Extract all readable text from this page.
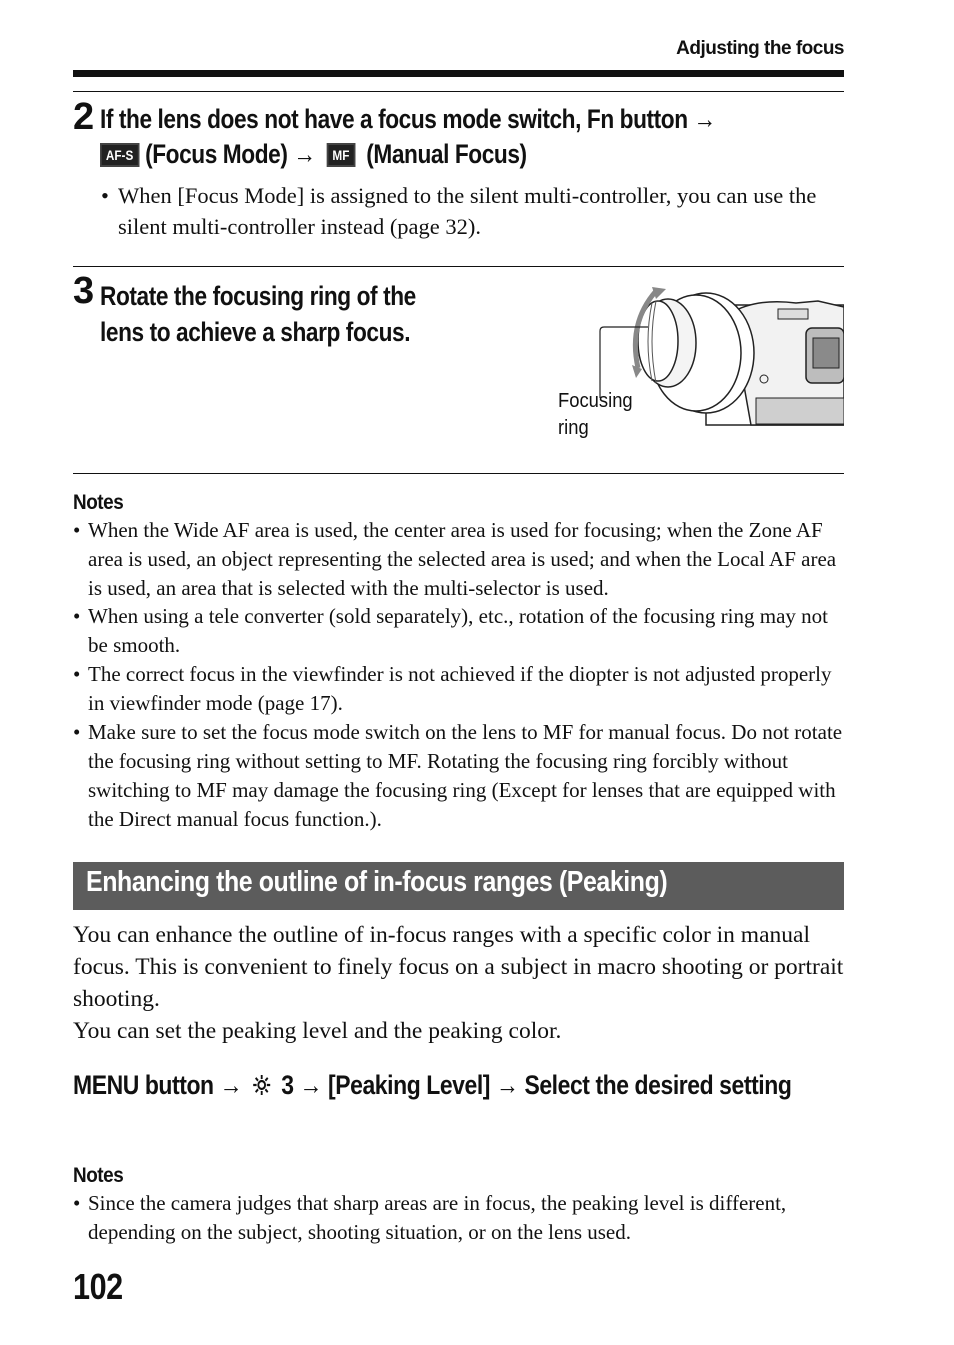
Adjusting the focus
2 If the lens does not have a focus mode switch, Fn button →
AF-S (Focus Mode) → MF (Manual Focus)
• When [Focus Mode] is assigned to the silent multi-controller, you can use the silent multi-controller instead (page 32).
3 Rotate the focusing ring of the lens to achieve a sharp focus.
Focusing
ring
Notes
• When the Wide AF area is used, the center area is used for focusing; when the Zone AF area is used, an object representing the selected area is used; and when the Local AF area is used, an area that is selected with the multi-selector is used.
• When using a tele converter (sold separately), etc., rotation of the focusing ring may not be smooth.
• The correct focus in the viewfinder is not achieved if the diopter is not adjusted properly in viewfinder mode (page 17).
• Make sure to set the focus mode switch on the lens to MF for manual focus. Do not rotate the focusing ring without setting to MF. Rotating the focusing ring forcibly without switching to MF may damage the focusing ring (Except for lenses that are equipped with the Direct manual focus function.).
Enhancing the outline of in-focus ranges (Peaking)
You can enhance the outline of in-focus ranges with a specific color in manual focus. This is convenient to finely focus on a subject in macro shooting or portrait shooting.
You can set the peaking level and the peaking color.
MENU button → 3 → [Peaking Level] → Select the desired setting
Notes
• Since the camera judges that sharp areas are in focus, the peaking level is different, depending on the subject, shooting situation, or on the lens used.
102
